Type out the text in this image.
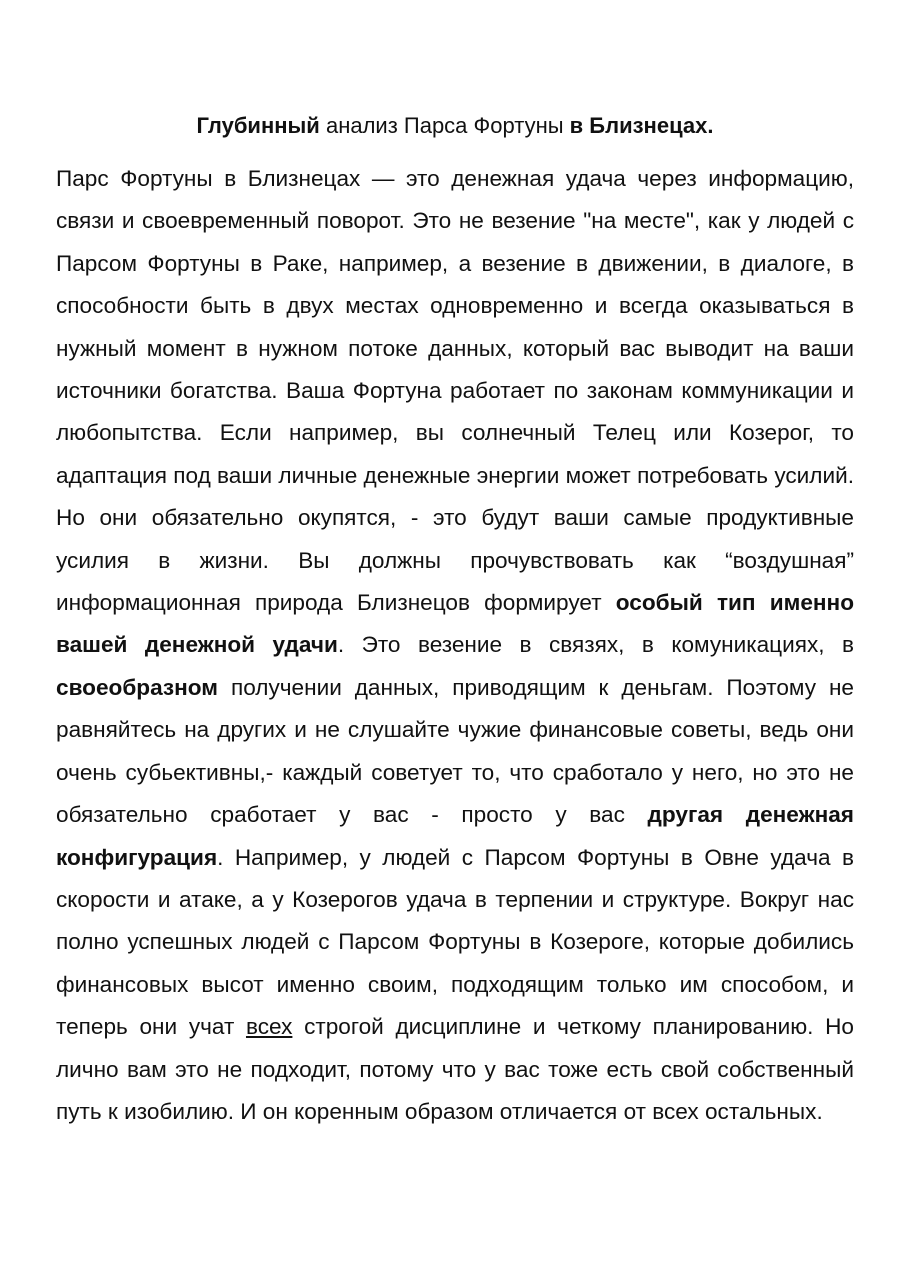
Глубинный анализ Парса Фортуны в Близнецах.

Парс Фортуны в Близнецах — это денежная удача через информацию, связи и своевременный поворот. Это не везение "на месте", как у людей с Парсом Фортуны в Раке, например, а везение в движении, в диалоге, в способности быть в двух местах одновременно и всегда оказываться в нужный момент в нужном потоке данных, который вас выводит на ваши источники богатства. Ваша Фортуна работает по законам коммуникации и любопытства. Если например, вы солнечный Телец или Козерог, то адаптация под ваши личные денежные энергии может потребовать усилий. Но они обязательно окупятся, - это будут ваши самые продуктивные усилия в жизни. Вы должны прочувствовать как “воздушная” информационная природа Близнецов формирует особый тип именно вашей денежной удачи. Это везение в связях, в комуникациях, в своеобразном получении данных, приводящим к деньгам. Поэтому не равняйтесь на других и не слушайте чужие финансовые советы, ведь они очень субьективны,- каждый советует то, что сработало у него, но это не обязательно сработает у вас - просто у вас другая денежная конфигурация. Например, у людей с Парсом Фортуны в Овне удача в скорости и атаке, а у Козерогов удача в терпении и структуре. Вокруг нас полно успешных людей с Парсом Фортуны в Козероге, которые добились финансовых высот именно своим, подходящим только им способом, и теперь они учат всех строгой дисциплине и четкому планированию. Но лично вам это не подходит, потому что у вас тоже есть свой собственный путь к изобилию. И он коренным образом отличается от всех остальных.
